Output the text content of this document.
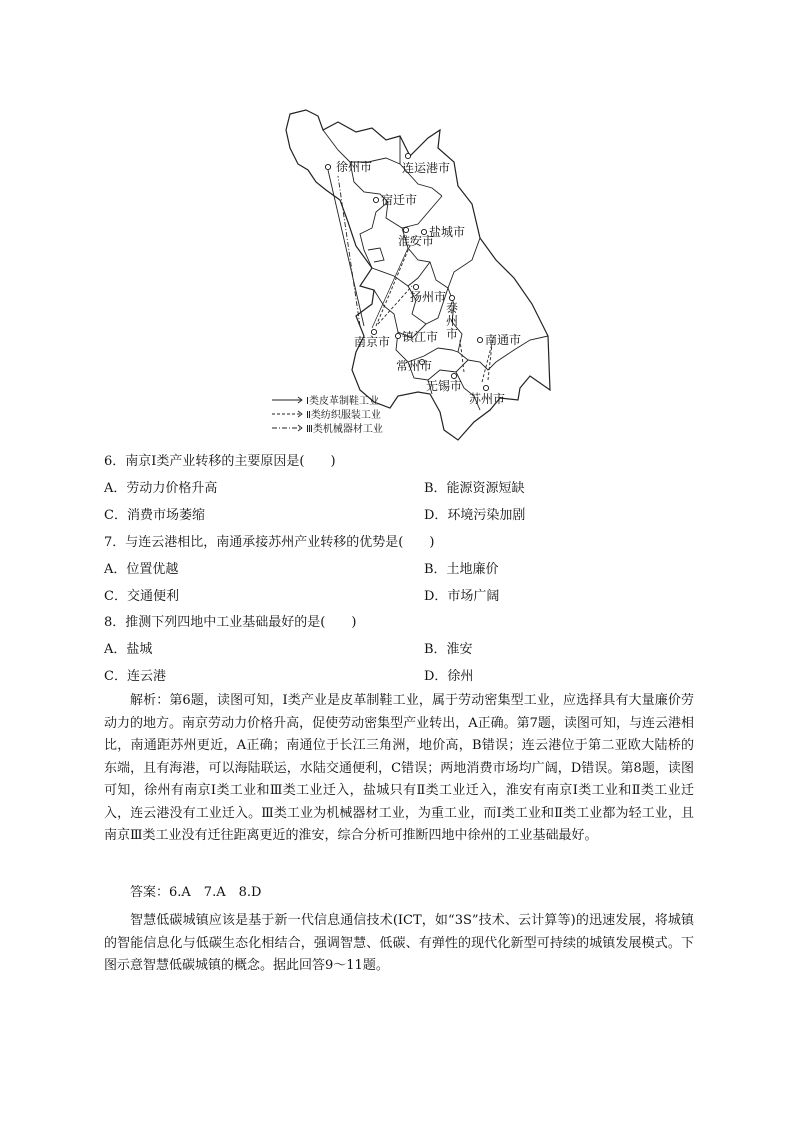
徐州市 连运港市
宿迁市
淮安市
盐城市
扬州市
泰
州
市
南京市 镇江市	南通市
常州市
无锡市
苏州市
Ⅰ类皮革制鞋工业
Ⅱ类纺织服装工业
Ⅲ类机械器材工业
6．南京Ⅰ类产业转移的主要原因是(　　)
A．劳动力价格升高	B．能源资源短缺
C．消费市场萎缩	D．环境污染加剧
7．与连云港相比，南通承接苏州产业转移的优势是(　　)
A．位置优越	B．土地廉价
C．交通便利	D．市场广阔
8．推测下列四地中工业基础最好的是(　　)
A．盐城	B．淮安
C．连云港	D．徐州
解析：第6题，读图可知，Ⅰ类产业是皮革制鞋工业，属于劳动密集型工业，应选择具有大量廉价劳动力的地方。南京劳动力价格升高，促使劳动密集型产业转出，A正确。第7题，读图可知，与连云港相比，南通距苏州更近，A正确；南通位于长江三角洲，地价高，B错误；连云港位于第二亚欧大陆桥的东端，且有海港，可以海陆联运，水陆交通便利，C错误；两地消费市场均广阔，D错误。第8题，读图可知，徐州有南京Ⅰ类工业和Ⅲ类工业迁入，盐城只有Ⅱ类工业迁入，淮安有南京Ⅰ类工业和Ⅱ类工业迁入，连云港没有工业迁入。Ⅲ类工业为机械器材工业，为重工业，而Ⅰ类工业和Ⅱ类工业都为轻工业，且南京Ⅲ类工业没有迁往距离更近的淮安，综合分析可推断四地中徐州的工业基础最好。
答案：6.A　7.A　8.D
智慧低碳城镇应该是基于新一代信息通信技术(ICT，如“3S”技术、云计算等)的迅速发展，将城镇的智能信息化与低碳生态化相结合，强调智慧、低碳、有弹性的现代化新型可持续的城镇发展模式。下图示意智慧低碳城镇的概念。据此回答9～11题。
